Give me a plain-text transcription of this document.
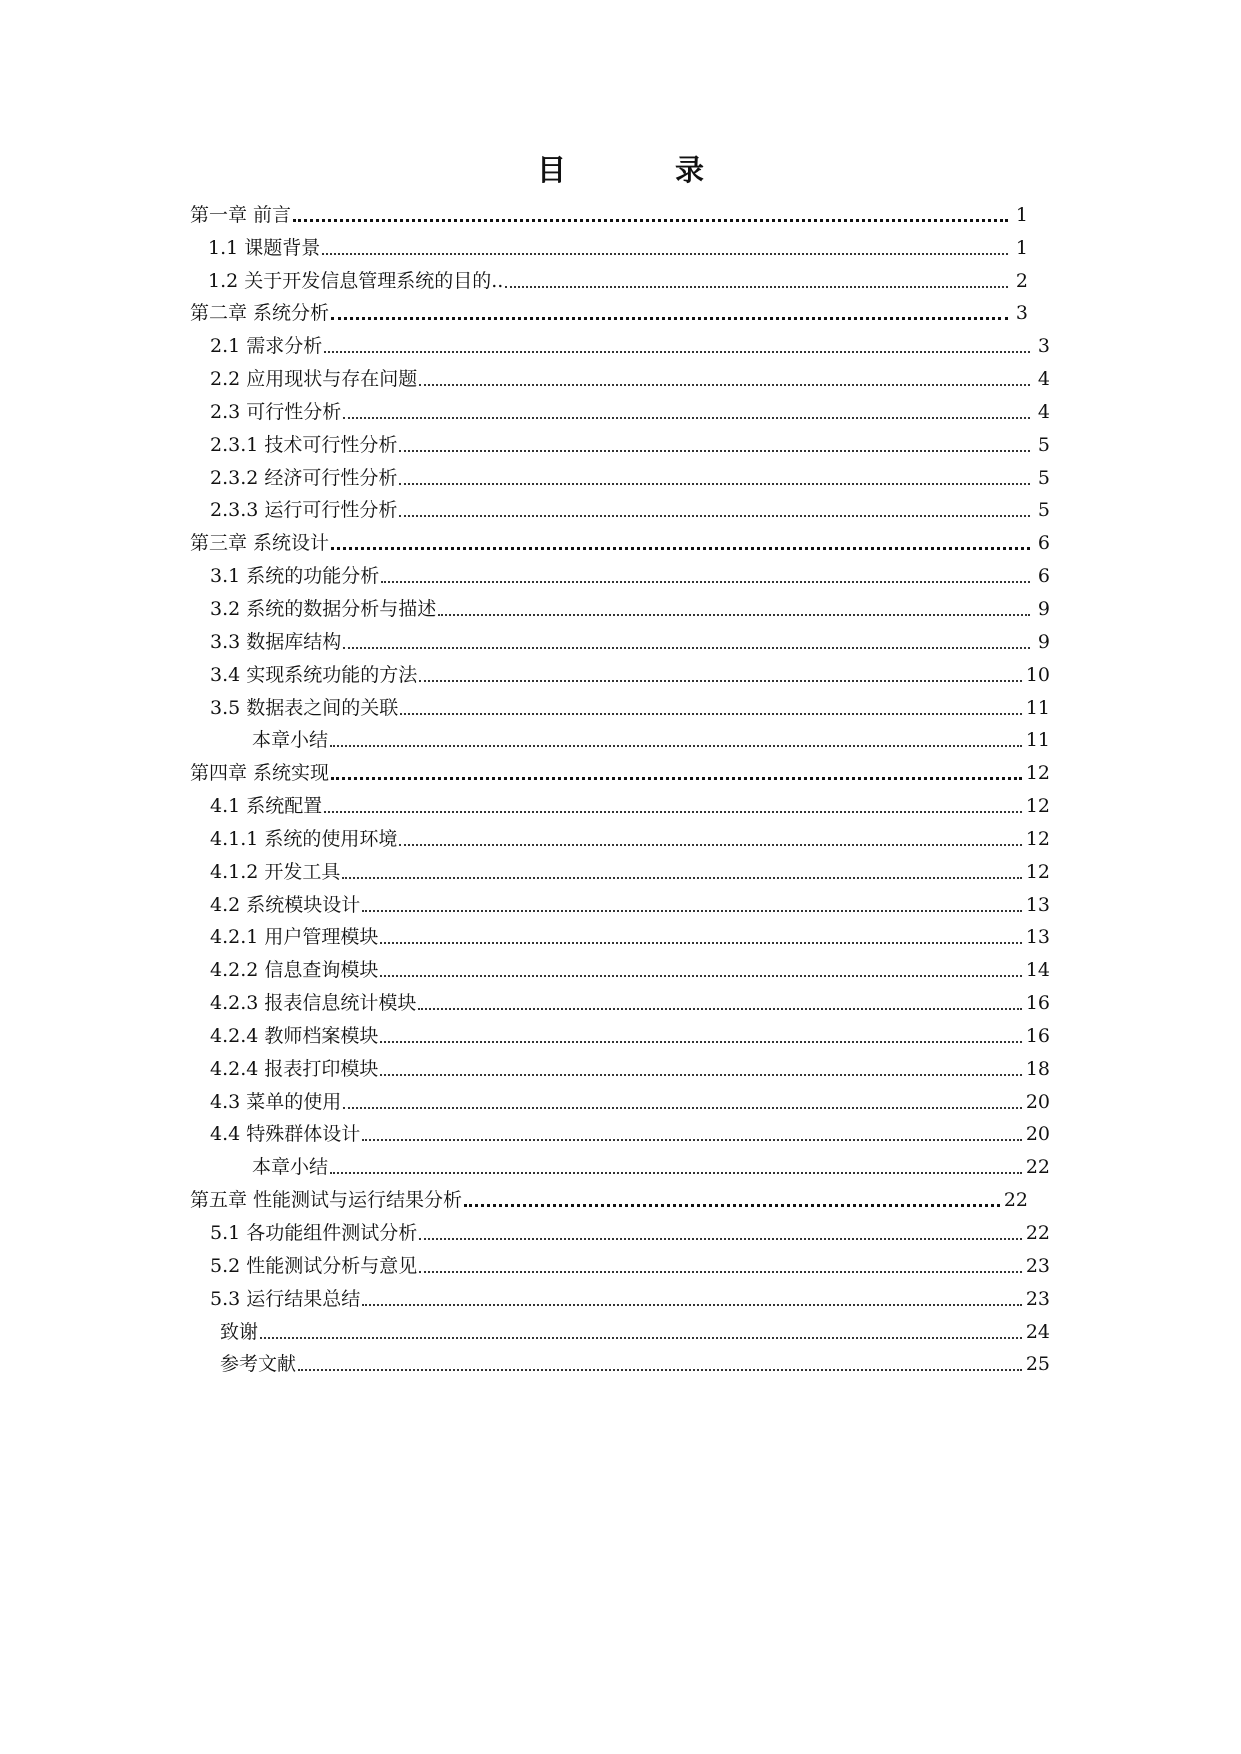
目　录
第一章 前言	1
1.1 课题背景	1
1.2 关于开发信息管理系统的目的..	2
第二章 系统分析	3
2.1 需求分析	3
2.2 应用现状与存在问题	4
2.3 可行性分析	4
2.3.1 技术可行性分析	5
2.3.2 经济可行性分析	5
2.3.3 运行可行性分析	5
第三章 系统设计	6
3.1 系统的功能分析	6
3.2 系统的数据分析与描述	9
3.3 数据库结构	9
3.4 实现系统功能的方法	10
3.5 数据表之间的关联	11
本章小结	11
第四章 系统实现	12
4.1 系统配置	12
4.1.1 系统的使用环境	12
4.1.2 开发工具	12
4.2 系统模块设计	13
4.2.1 用户管理模块	13
4.2.2 信息查询模块	14
4.2.3 报表信息统计模块	16
4.2.4 教师档案模块	16
4.2.4 报表打印模块	18
4.3 菜单的使用	20
4.4 特殊群体设计	20
本章小结	22
第五章 性能测试与运行结果分析	22
5.1 各功能组件测试分析	22
5.2 性能测试分析与意见	23
5.3 运行结果总结	23
致谢	24
参考文献	25
